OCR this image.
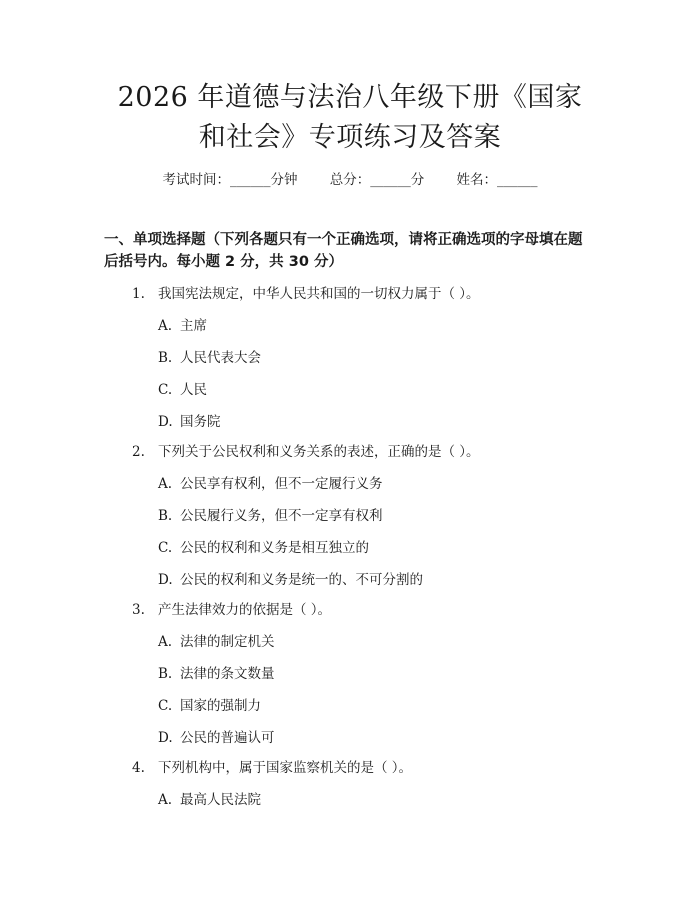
2026 年道德与法治八年级下册《国家和社会》专项练习及答案
考试时间：______分钟 总分：______分 姓名：______
一、单项选择题（下列各题只有一个正确选项，请将正确选项的字母填在题后括号内。每小题 2 分，共 30 分）
1. 我国宪法规定，中华人民共和国的一切权力属于（ ）。
A. 主席
B. 人民代表大会
C. 人民
D. 国务院
2. 下列关于公民权利和义务关系的表述，正确的是（ ）。
A. 公民享有权利，但不一定履行义务
B. 公民履行义务，但不一定享有权利
C. 公民的权利和义务是相互独立的
D. 公民的权利和义务是统一的、不可分割的
3. 产生法律效力的依据是（ ）。
A. 法律的制定机关
B. 法律的条文数量
C. 国家的强制力
D. 公民的普遍认可
4. 下列机构中，属于国家监察机关的是（ ）。
A. 最高人民法院
